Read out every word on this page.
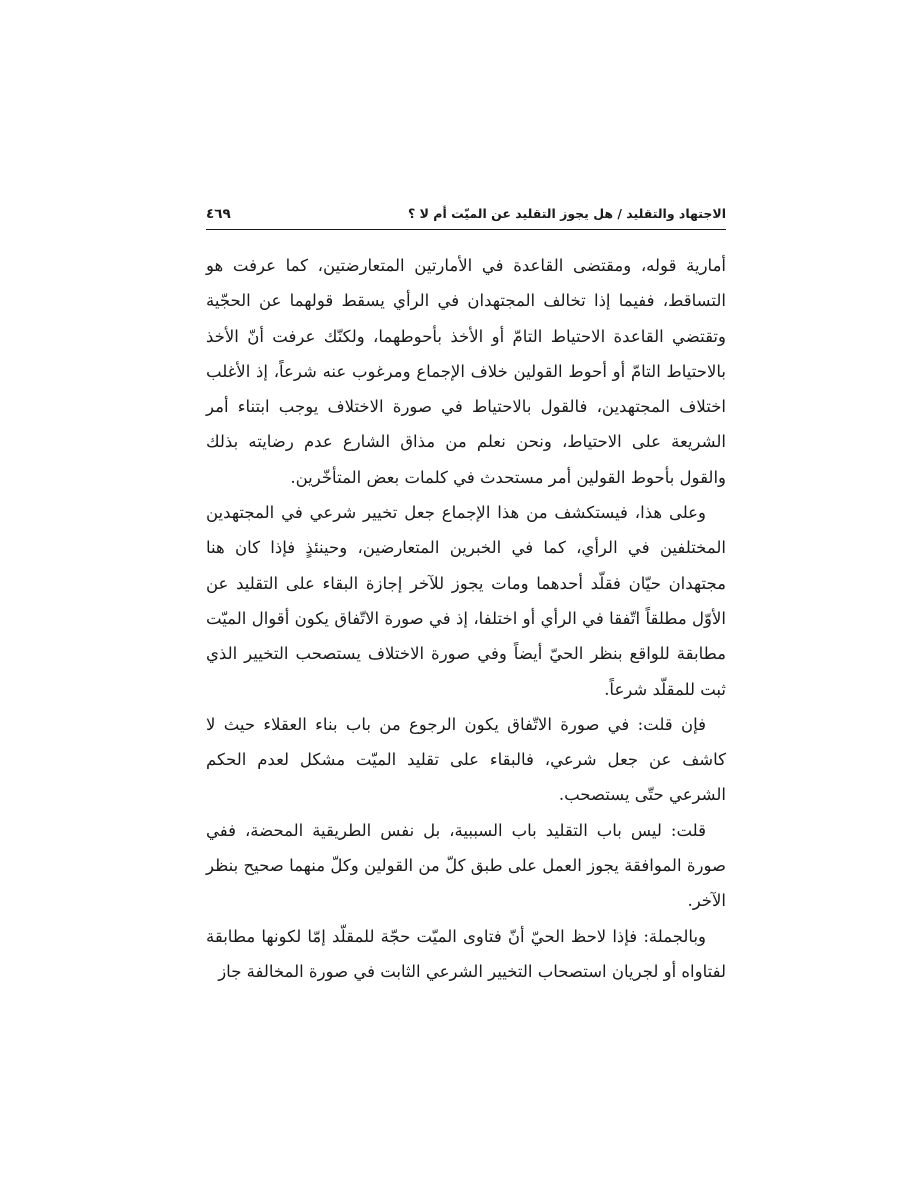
الاجتهاد والتقليد / هل يجوز التقليد عن الميّت أم لا ؟
٤٦٩

أمارية قوله، ومقتضى القاعدة في الأمارتين المتعارضتين، كما عرفت هو التساقط، ففيما إذا تخالف المجتهدان في الرأي يسقط قولهما عن الحجّية وتقتضي القاعدة الاحتياط التامّ أو الأخذ بأحوطهما، ولكنّك عرفت أنّ الأخذ بالاحتياط التامّ أو أحوط القولين خلاف الإجماع ومرغوب عنه شرعاً، إذ الأغلب اختلاف المجتهدين، فالقول بالاحتياط في صورة الاختلاف يوجب ابتناء أمر الشريعة على الاحتياط، ونحن نعلم من مذاق الشارع عدم رضايته بذلك والقول بأحوط القولين أمر مستحدث في كلمات بعض المتأخّرين.

وعلى هذا، فيستكشف من هذا الإجماع جعل تخيير شرعي في المجتهدين المختلفين في الرأي، كما في الخبرين المتعارضين، وحينئذٍ فإذا كان هنا مجتهدان حيّان فقلّد أحدهما ومات يجوز للآخر إجازة البقاء على التقليد عن الأوّل مطلقاً اتّفقا في الرأي أو اختلفا، إذ في صورة الاتّفاق يكون أقوال الميّت مطابقة للواقع بنظر الحيّ أيضاً وفي صورة الاختلاف يستصحب التخيير الذي ثبت للمقلّد شرعاً.

فإن قلت: في صورة الاتّفاق يكون الرجوع من باب بناء العقلاء حيث لا كاشف عن جعل شرعي، فالبقاء على تقليد الميّت مشكل لعدم الحكم الشرعي حتّى يستصحب.

قلت: ليس باب التقليد باب السببية، بل نفس الطريقية المحضة، ففي صورة الموافقة يجوز العمل على طبق كلّ من القولين وكلّ منهما صحيح بنظر الآخر.

وبالجملة: فإذا لاحظ الحيّ أنّ فتاوى الميّت حجّة للمقلّد إمّا لكونها مطابقة لفتاواه أو لجريان استصحاب التخيير الشرعي الثابت في صورة المخالفة جاز
